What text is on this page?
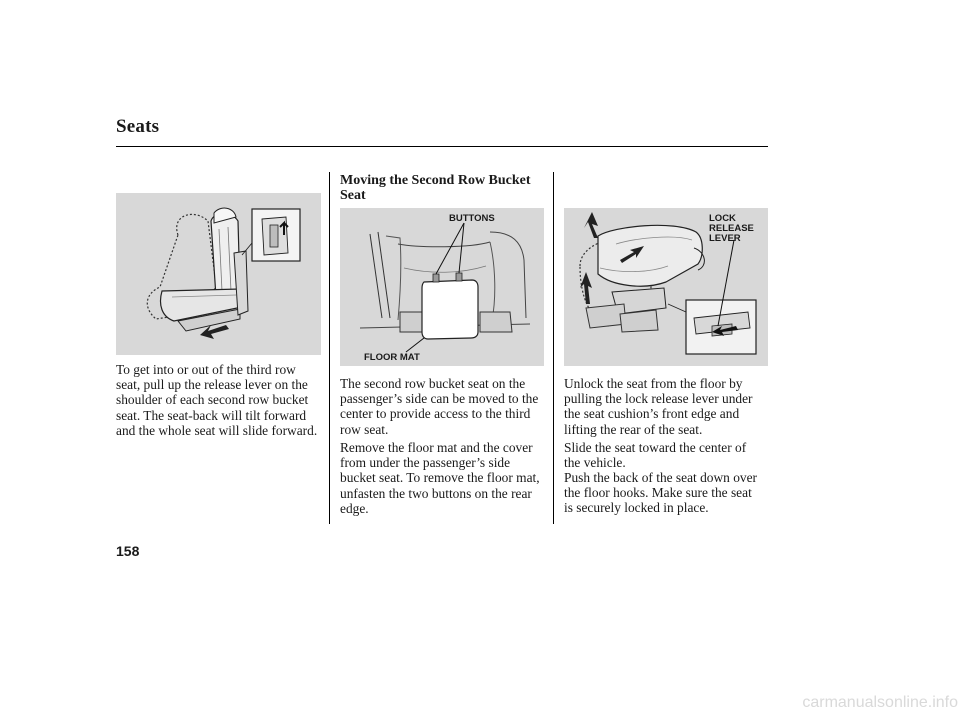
Seats
To get into or out of the third row
seat, pull up the release lever on the
shoulder of each second row bucket
seat. The seat-back will tilt forward
and the whole seat will slide forward.
Moving the Second Row Bucket Seat
BUTTONS
FLOOR MAT
The second row bucket seat on the
passenger’s side can be moved to the
center to provide access to the third
row seat.
Remove the floor mat and the cover
from under the passenger’s side
bucket seat. To remove the floor mat,
unfasten the two buttons on the rear
edge.
LOCK
RELEASE
LEVER
Unlock the seat from the floor by
pulling the lock release lever under
the seat cushion’s front edge and
lifting the rear of the seat.
Slide the seat toward the center of
the vehicle.
Push the back of the seat down over
the floor hooks. Make sure the seat
is securely locked in place.
158
carmanualsonline.info
